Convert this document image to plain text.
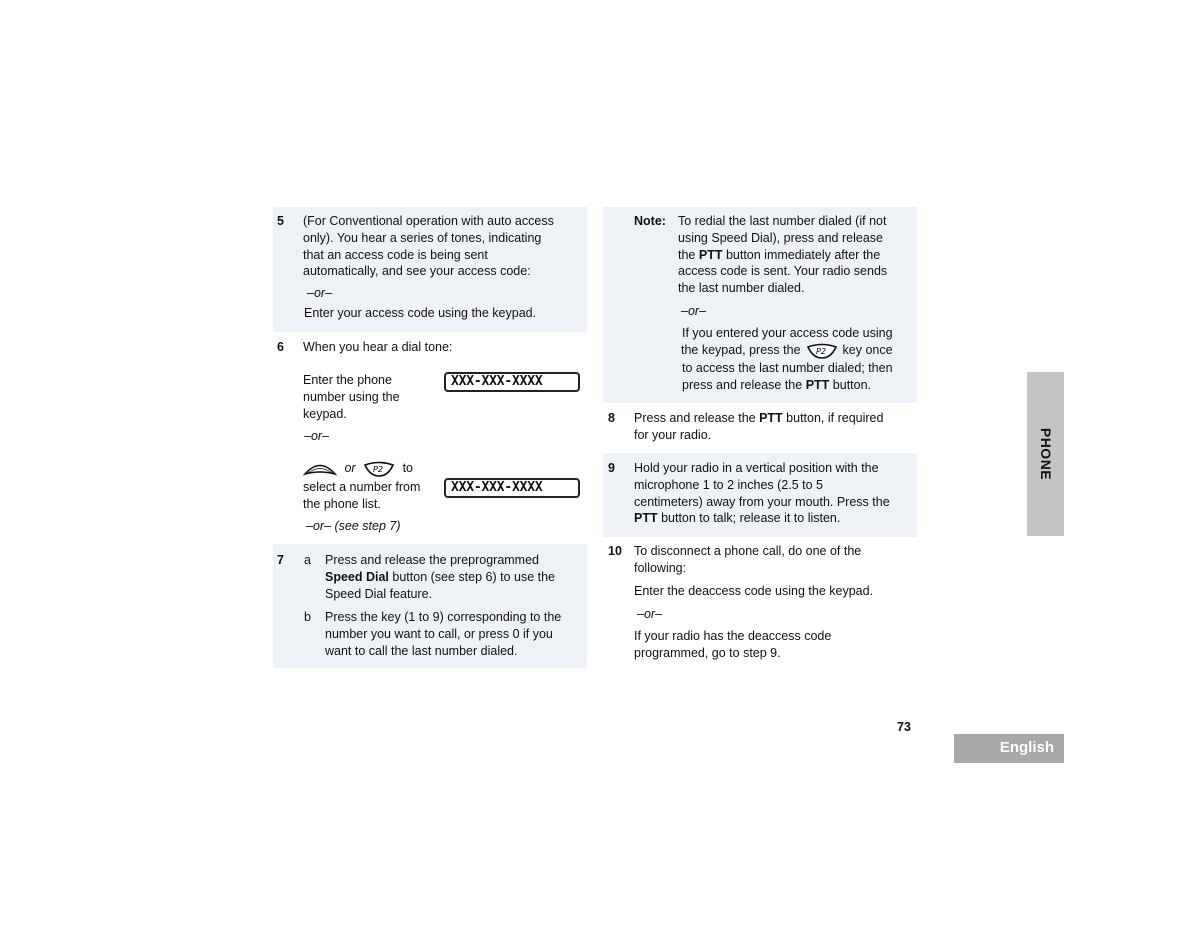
5 (For Conventional operation with auto access
only). You hear a series of tones, indicating
that an access code is being sent
automatically, and see your access code:
–or–
Enter your access code using the keypad.
6 When you hear a dial tone:
Enter the phone
number using the
keypad.
XXX-XXX-XXXX
–or–
or P2 to
select a number from
the phone list.
XXX-XXX-XXXX
–or– (see step 7)
7 a Press and release the preprogrammed
Speed Dial button (see step 6) to use the
Speed Dial feature.
b Press the key (1 to 9) corresponding to the
number you want to call, or press 0 if you
want to call the last number dialed.
Note: To redial the last number dialed (if not
using Speed Dial), press and release
the PTT button immediately after the
access code is sent. Your radio sends
the last number dialed.
–or–
If you entered your access code using
the keypad, press the P2 key once
to access the last number dialed; then
press and release the PTT button.
8 Press and release the PTT button, if required
for your radio.
9 Hold your radio in a vertical position with the
microphone 1 to 2 inches (2.5 to 5
centimeters) away from your mouth. Press the
PTT button to talk; release it to listen.
10 To disconnect a phone call, do one of the
following:
Enter the deaccess code using the keypad.
–or–
If your radio has the deaccess code
programmed, go to step 9.
73
PHONE
English
